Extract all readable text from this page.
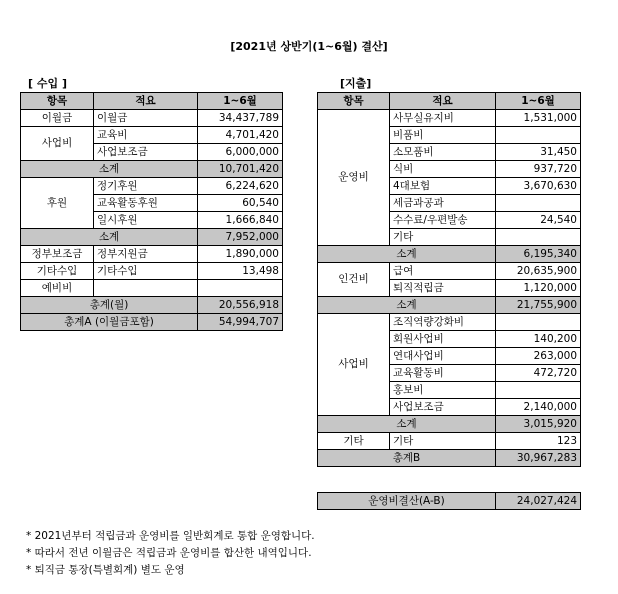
[2021년 상반기(1~6월) 결산]
[ 수입 ]
항목	적요	1~6월
이월금	이월금	34,437,789
사업비	교육비	4,701,420
	사업보조금	6,000,000
소계		10,701,420
후원	정기후원	6,224,620
	교육활동후원	60,540
	일시후원	1,666,840
소계		7,952,000
정부보조금	정부지원금	1,890,000
기타수입	기타수입	13,498
예비비		
총계(월)		20,556,918
총계A (이월금포함)		54,994,707
[지출]
항목	적요	1~6월
운영비	사무실유지비	1,531,000
	비품비	
	소모품비	31,450
	식비	937,720
	4대보험	3,670,630
	세금과공과	
	수수료/우편발송	24,540
	기타	
소계		6,195,340
인건비	급여	20,635,900
	퇴직적립금	1,120,000
소계		21,755,900
사업비	조직역량강화비	
	회원사업비	140,200
	연대사업비	263,000
	교육활동비	472,720
	홍보비	
	사업보조금	2,140,000
소계		3,015,920
기타	기타	123
총계B		30,967,283
운영비결산(A-B)	24,027,424
* 2021년부터 적립금과 운영비를 일반회계로 통합 운영합니다.
* 따라서 전년 이월금은 적립금과 운영비를 합산한 내역입니다.
* 퇴직금 통장(특별회계) 별도 운영
